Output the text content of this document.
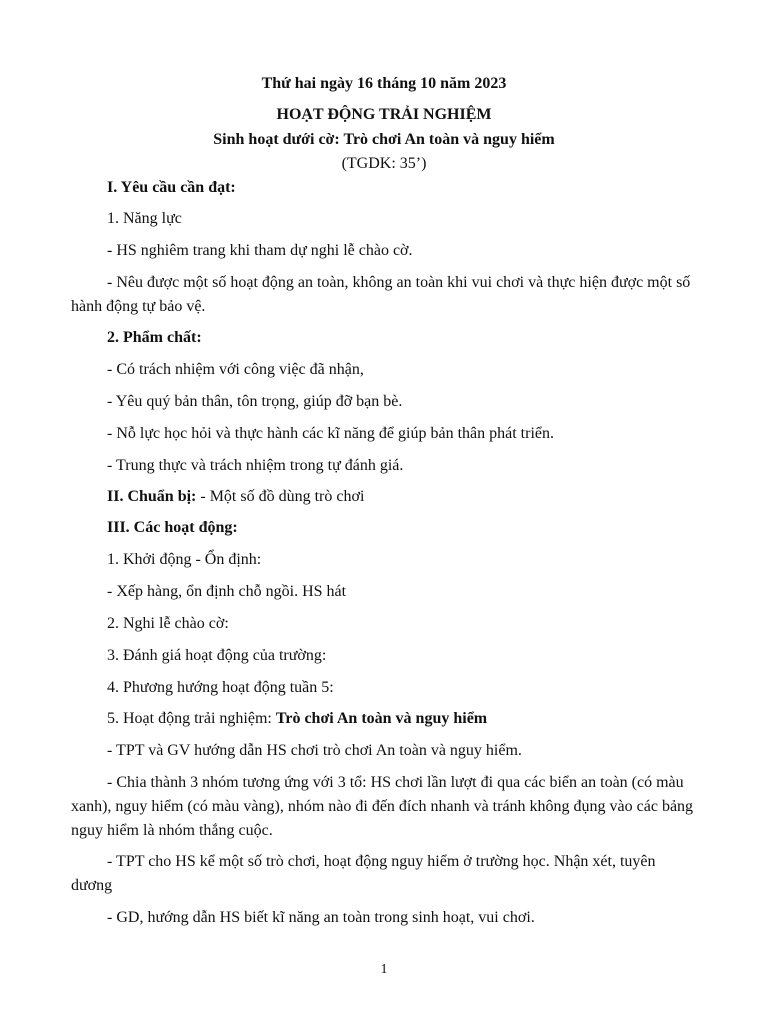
Thứ hai ngày 16 tháng 10 năm 2023
HOẠT ĐỘNG TRẢI NGHIỆM
Sinh hoạt dưới cờ: Trò chơi An toàn và nguy hiểm
(TGDK: 35’)
I. Yêu cầu cần đạt:
1. Năng lực
- HS nghiêm trang khi tham dự nghi lễ chào cờ.
- Nêu được một số hoạt động an toàn, không an toàn khi vui chơi và thực hiện được một số hành động tự bảo vệ.
2. Phẩm chất:
- Có trách nhiệm với công việc đã nhận,
- Yêu quý bản thân, tôn trọng, giúp đỡ bạn bè.
- Nỗ lực học hỏi và thực hành các kĩ năng để giúp bản thân phát triển.
- Trung thực và trách nhiệm trong tự đánh giá.
II. Chuẩn bị: - Một số đồ dùng trò chơi
III. Các hoạt động:
1. Khởi động - Ổn định:
- Xếp hàng, ổn định chỗ ngồi. HS hát
2. Nghi lễ chào cờ:
3. Đánh giá hoạt động của trường:
4. Phương hướng hoạt động tuần 5:
5. Hoạt động trải nghiệm: Trò chơi An toàn và nguy hiểm
- TPT và GV hướng dẫn HS chơi trò chơi An toàn và nguy hiểm.
- Chia thành 3 nhóm tương ứng với 3 tổ: HS chơi lần lượt đi qua các biển an toàn (có màu xanh), nguy hiểm (có màu vàng), nhóm nào đi đến đích nhanh và tránh không đụng vào các bảng nguy hiểm là nhóm thắng cuộc.
- TPT cho HS kể một số trò chơi, hoạt động nguy hiểm ở trường học. Nhận xét, tuyên dương
- GD, hướng dẫn HS biết kĩ năng an toàn trong sinh hoạt, vui chơi.
1
